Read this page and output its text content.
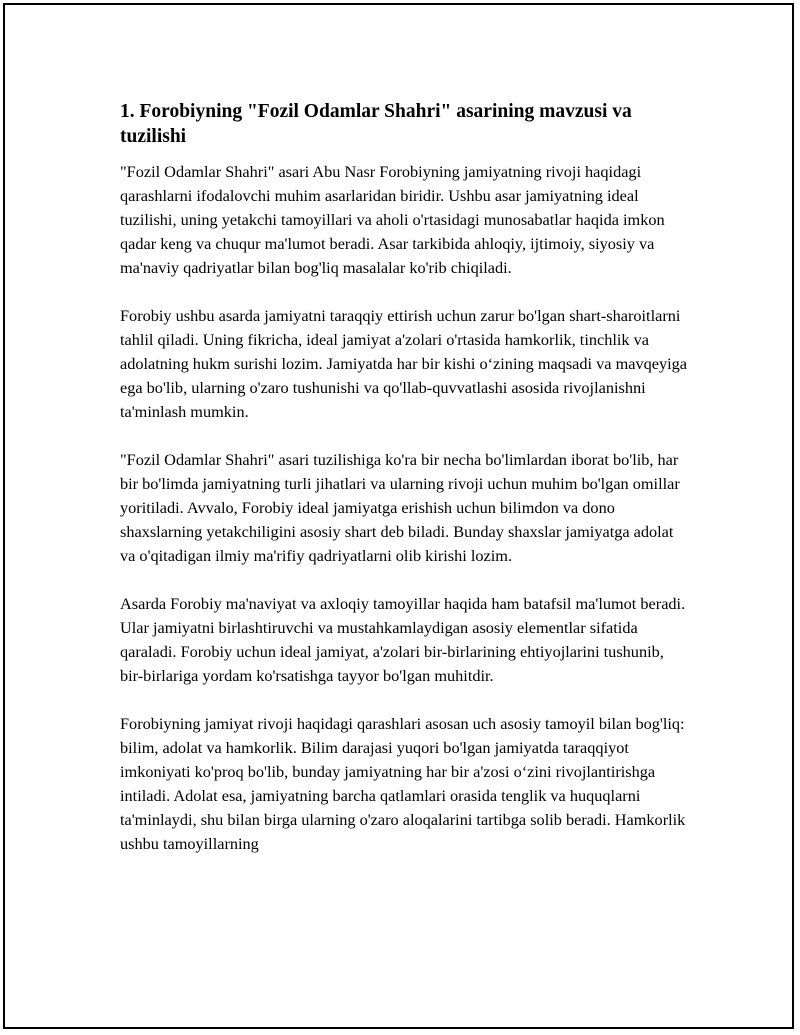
1. Forobiyning "Fozil Odamlar Shahri" asarining mavzusi va tuzilishi

"Fozil Odamlar Shahri" asari Abu Nasr Forobiyning jamiyatning rivoji haqidagi qarashlarni ifodalovchi muhim asarlaridan biridir. Ushbu asar jamiyatning ideal tuzilishi, uning yetakchi tamoyillari va aholi o'rtasidagi munosabatlar haqida imkon qadar keng va chuqur ma'lumot beradi. Asar tarkibida ahloqiy, ijtimoiy, siyosiy va ma'naviy qadriyatlar bilan bog'liq masalalar ko'rib chiqiladi.

Forobiy ushbu asarda jamiyatni taraqqiy ettirish uchun zarur bo'lgan shart-sharoitlarni tahlil qiladi. Uning fikricha, ideal jamiyat a'zolari o'rtasida hamkorlik, tinchlik va adolatning hukm surishi lozim. Jamiyatda har bir kishi o‘zining maqsadi va mavqeyiga ega bo'lib, ularning o'zaro tushunishi va qo'llab-quvvatlashi asosida rivojlanishni ta'minlash mumkin.

"Fozil Odamlar Shahri" asari tuzilishiga ko'ra bir necha bo'limlardan iborat bo'lib, har bir bo'limda jamiyatning turli jihatlari va ularning rivoji uchun muhim bo'lgan omillar yoritiladi. Avvalo, Forobiy ideal jamiyatga erishish uchun bilimdon va dono shaxslarning yetakchiligini asosiy shart deb biladi. Bunday shaxslar jamiyatga adolat va o'qitadigan ilmiy ma'rifiy qadriyatlarni olib kirishi lozim.

Asarda Forobiy ma'naviyat va axloqiy tamoyillar haqida ham batafsil ma'lumot beradi. Ular jamiyatni birlashtiruvchi va mustahkamlaydigan asosiy elementlar sifatida qaraladi. Forobiy uchun ideal jamiyat, a'zolari bir-birlarining ehtiyojlarini tushunib, bir-birlariga yordam ko'rsatishga tayyor bo'lgan muhitdir.

Forobiyning jamiyat rivoji haqidagi qarashlari asosan uch asosiy tamoyil bilan bog'liq: bilim, adolat va hamkorlik. Bilim darajasi yuqori bo'lgan jamiyatda taraqqiyot imkoniyati ko'proq bo'lib, bunday jamiyatning har bir a'zosi o‘zini rivojlantirishga intiladi. Adolat esa, jamiyatning barcha qatlamlari orasida tenglik va huquqlarni ta'minlaydi, shu bilan birga ularning o'zaro aloqalarini tartibga solib beradi. Hamkorlik ushbu tamoyillarning
